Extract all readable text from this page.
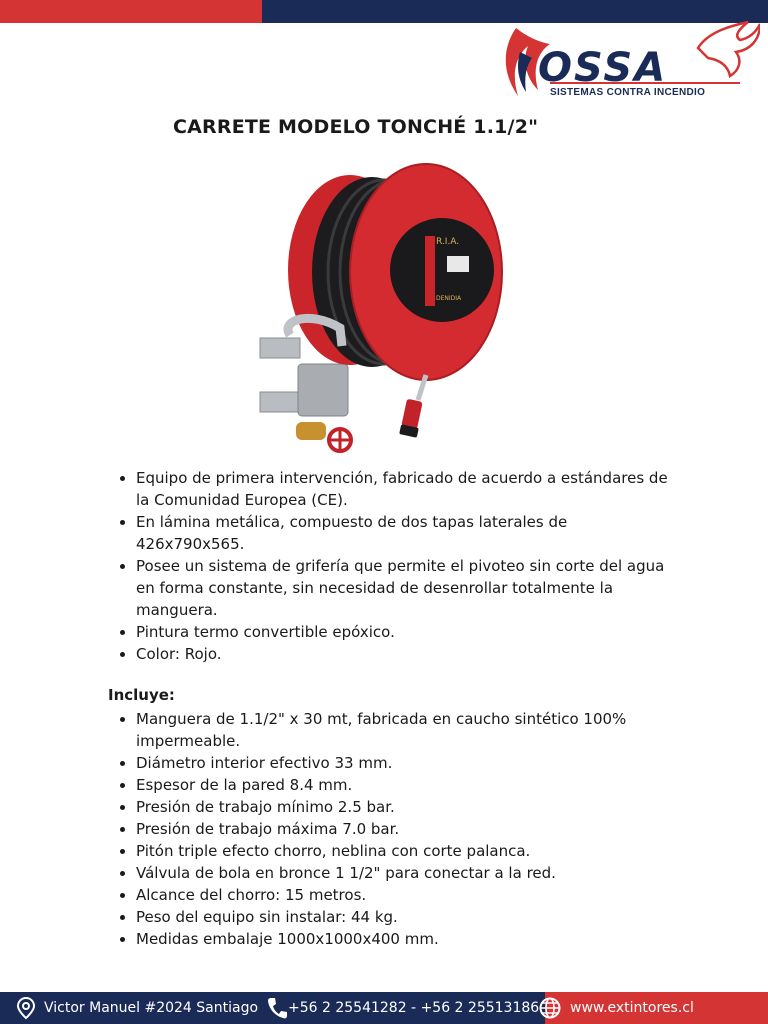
OSSA
SISTEMAS CONTRA INCENDIO
CARRETE MODELO TONCHÉ 1.1/2"
R.I.A.
DENIDIA
• Equipo de primera intervención, fabricado de acuerdo a estándares de la Comunidad Europea (CE).
• En lámina metálica, compuesto de dos tapas laterales de 426x790x565.
• Posee un sistema de grifería que permite el pivoteo sin corte del agua en forma constante, sin necesidad de desenrollar totalmente la manguera.
• Pintura termo convertible epóxico.
• Color: Rojo.
Incluye:
• Manguera de 1.1/2" x 30 mt, fabricada en caucho sintético 100% impermeable.
• Diámetro interior efectivo 33 mm.
• Espesor de la pared 8.4 mm.
• Presión de trabajo mínimo 2.5 bar.
• Presión de trabajo máxima 7.0 bar.
• Pitón triple efecto chorro, neblina con corte palanca.
• Válvula de bola en bronce 1 1/2" para conectar a la red.
• Alcance del chorro: 15 metros.
• Peso del equipo sin instalar: 44 kg.
• Medidas embalaje 1000x1000x400 mm.
Victor Manuel #2024 Santiago +56 2 25541282 - +56 2 25513186 www.extintores.cl
